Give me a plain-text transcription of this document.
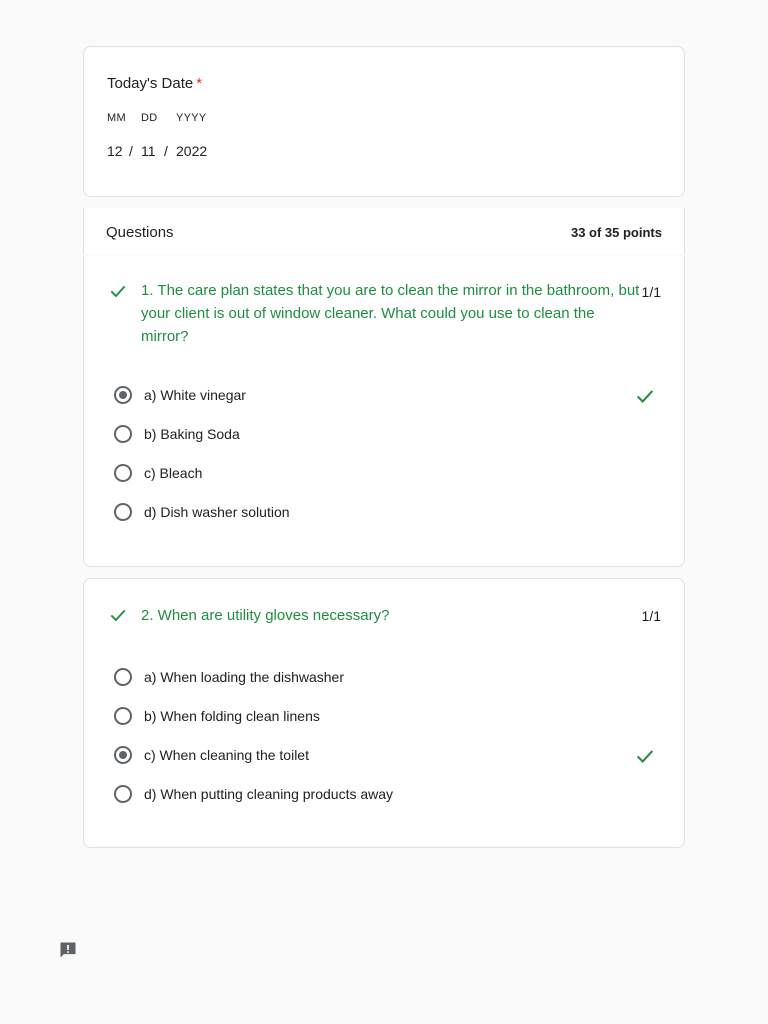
Today's Date *
MM DD YYYY
12 / 11 / 2022
Questions	33 of 35 points
1. The care plan states that you are to clean the mirror in the bathroom, but your client is out of window cleaner. What could you use to clean the mirror?
1/1
a) White vinegar
b) Baking Soda
c) Bleach
d) Dish washer solution
2. When are utility gloves necessary?	1/1
a) When loading the dishwasher
b) When folding clean linens
c) When cleaning the toilet
d) When putting cleaning products away
